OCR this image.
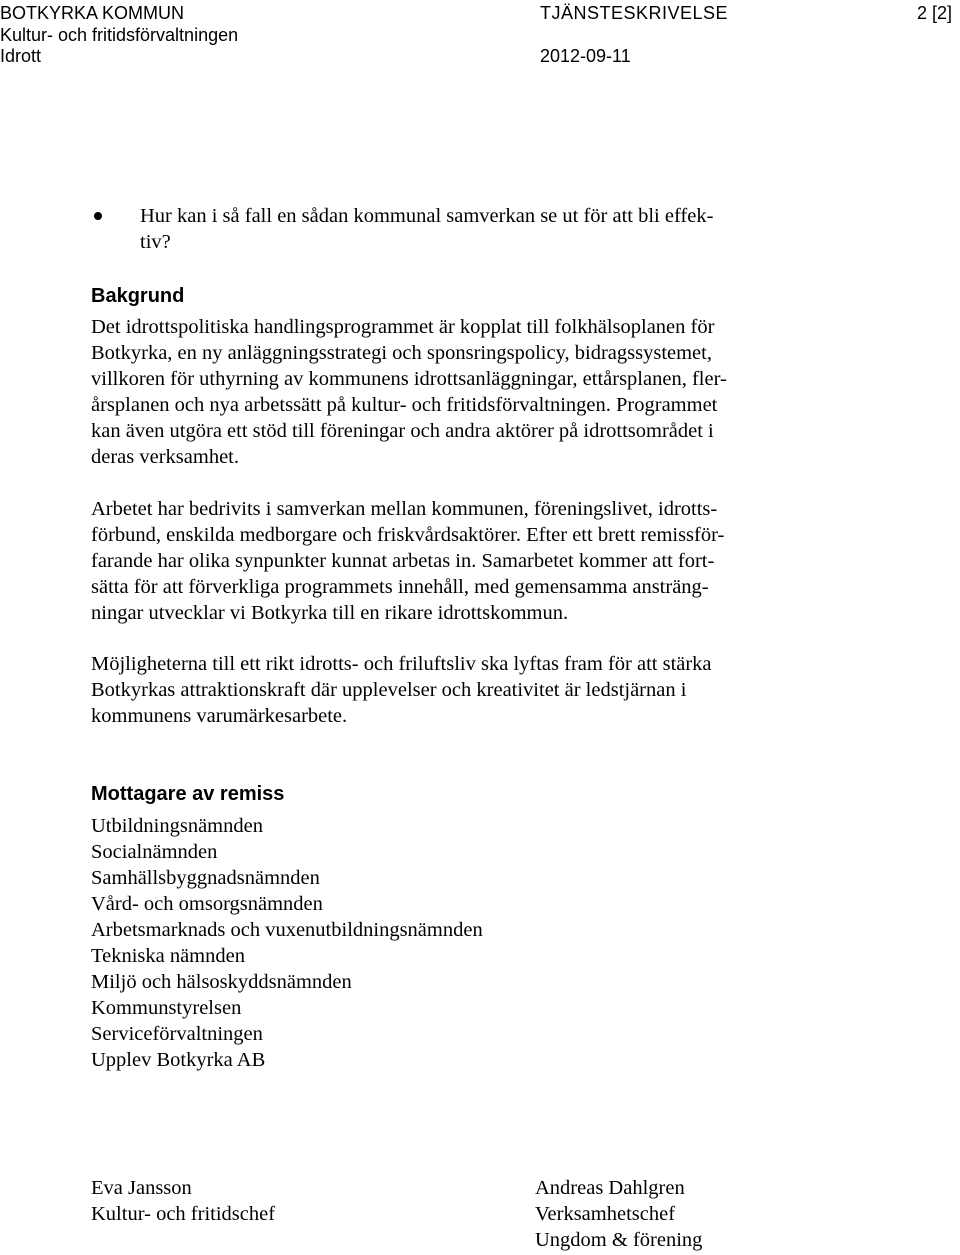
BOTKYRKA KOMMUN
Kultur- och fritidsförvaltningen
Idrott
TJÄNSTESKRIVELSE	2 [2]
2012-09-11
Hur kan i så fall en sådan kommunal samverkan se ut för att bli effek-
tiv?
Bakgrund
Det idrottspolitiska handlingsprogrammet är kopplat till folkhälsoplanen för
Botkyrka, en ny anläggningsstrategi och sponsringspolicy, bidragssystemet,
villkoren för uthyrning av kommunens idrottsanläggningar, ettårsplanen, fler-
årsplanen och nya arbetssätt på kultur- och fritidsförvaltningen. Programmet
kan även utgöra ett stöd till föreningar och andra aktörer på idrottsområdet i
deras verksamhet.
Arbetet har bedrivits i samverkan mellan kommunen, föreningslivet, idrotts-
förbund, enskilda medborgare och friskvårdsaktörer. Efter ett brett remissför-
farande har olika synpunkter kunnat arbetas in. Samarbetet kommer att fort-
sätta för att förverkliga programmets innehåll, med gemensamma ansträng-
ningar utvecklar vi Botkyrka till en rikare idrottskommun.
Möjligheterna till ett rikt idrotts- och friluftsliv ska lyftas fram för att stärka
Botkyrkas attraktionskraft där upplevelser och kreativitet är ledstjärnan i
kommunens varumärkesarbete.
Mottagare av remiss
Utbildningsnämnden
Socialnämnden
Samhällsbyggnadsnämnden
Vård- och omsorgsnämnden
Arbetsmarknads och vuxenutbildningsnämnden
Tekniska nämnden
Miljö och hälsoskyddsnämnden
Kommunstyrelsen
Serviceförvaltningen
Upplev Botkyrka AB
Eva Jansson
Kultur- och fritidschef
Andreas Dahlgren
Verksamhetschef
Ungdom & förening
